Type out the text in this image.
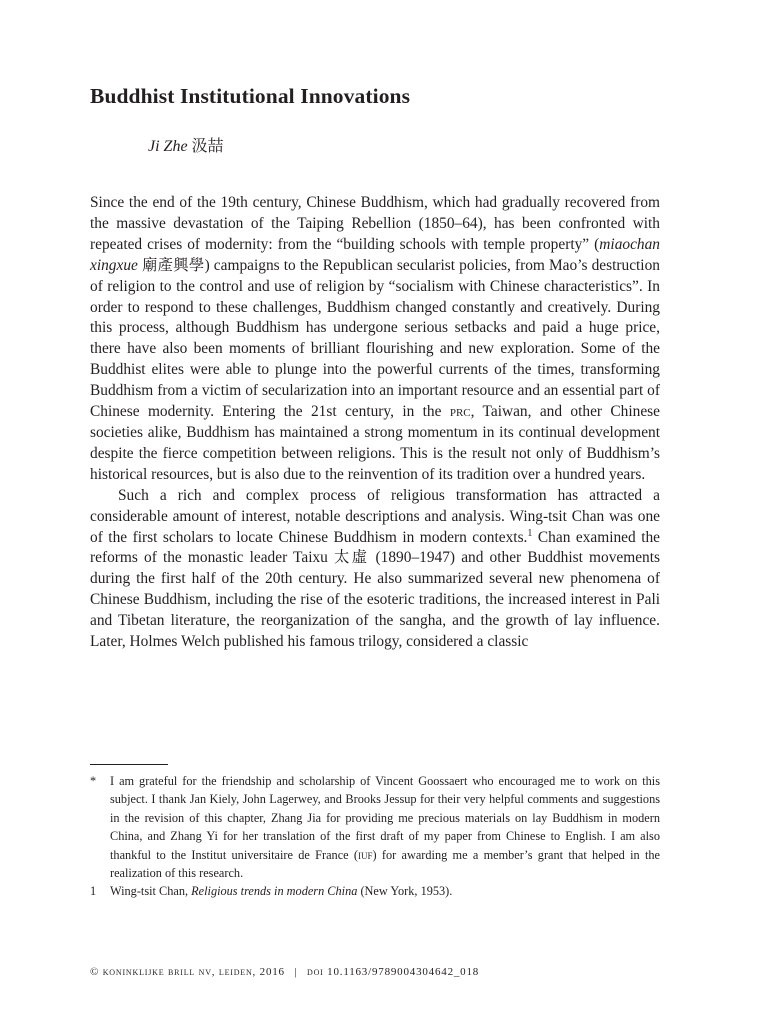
Buddhist Institutional Innovations
Ji Zhe 汲喆

Since the end of the 19th century, Chinese Buddhism, which had gradually recovered from the massive devastation of the Taiping Rebellion (1850–64), has been confronted with repeated crises of modernity: from the “building schools with temple property” (miaochan xingxue 廟產興學) campaigns to the Republican secularist policies, from Mao’s destruction of religion to the control and use of religion by “socialism with Chinese characteristics”. In order to respond to these challenges, Buddhism changed constantly and creatively. During this process, although Buddhism has undergone serious setbacks and paid a huge price, there have also been moments of brilliant flourishing and new exploration. Some of the Buddhist elites were able to plunge into the powerful currents of the times, transforming Buddhism from a victim of secularization into an important resource and an essential part of Chinese modernity. Entering the 21st century, in the prc, Taiwan, and other Chinese societies alike, Buddhism has maintained a strong momentum in its continual development despite the fierce competition between religions. This is the result not only of Buddhism’s historical resources, but is also due to the reinvention of its tradition over a hundred years.

Such a rich and complex process of religious transformation has attracted a considerable amount of interest, notable descriptions and analysis. Wing-tsit Chan was one of the first scholars to locate Chinese Buddhism in modern contexts.$^1$ Chan examined the reforms of the monastic leader Taixu 太虛 (1890–1947) and other Buddhist movements during the first half of the 20th century. He also summarized several new phenomena of Chinese Buddhism, including the rise of the esoteric traditions, the increased interest in Pali and Tibetan literature, the reorganization of the sangha, and the growth of lay influence. Later, Holmes Welch published his famous trilogy, considered a classic

* I am grateful for the friendship and scholarship of Vincent Goossaert who encouraged me to work on this subject. I thank Jan Kiely, John Lagerwey, and Brooks Jessup for their very helpful comments and suggestions in the revision of this chapter, Zhang Jia for providing me precious materials on lay Buddhism in modern China, and Zhang Yi for her translation of the first draft of my paper from Chinese to English. I am also thankful to the Institut universitaire de France (iuf) for awarding me a member’s grant that helped in the realization of this research.
1 Wing-tsit Chan, Religious trends in modern China (New York, 1953).
© koninklijke brill nv, leiden, 2016 | doi 10.1163/9789004304642_018
